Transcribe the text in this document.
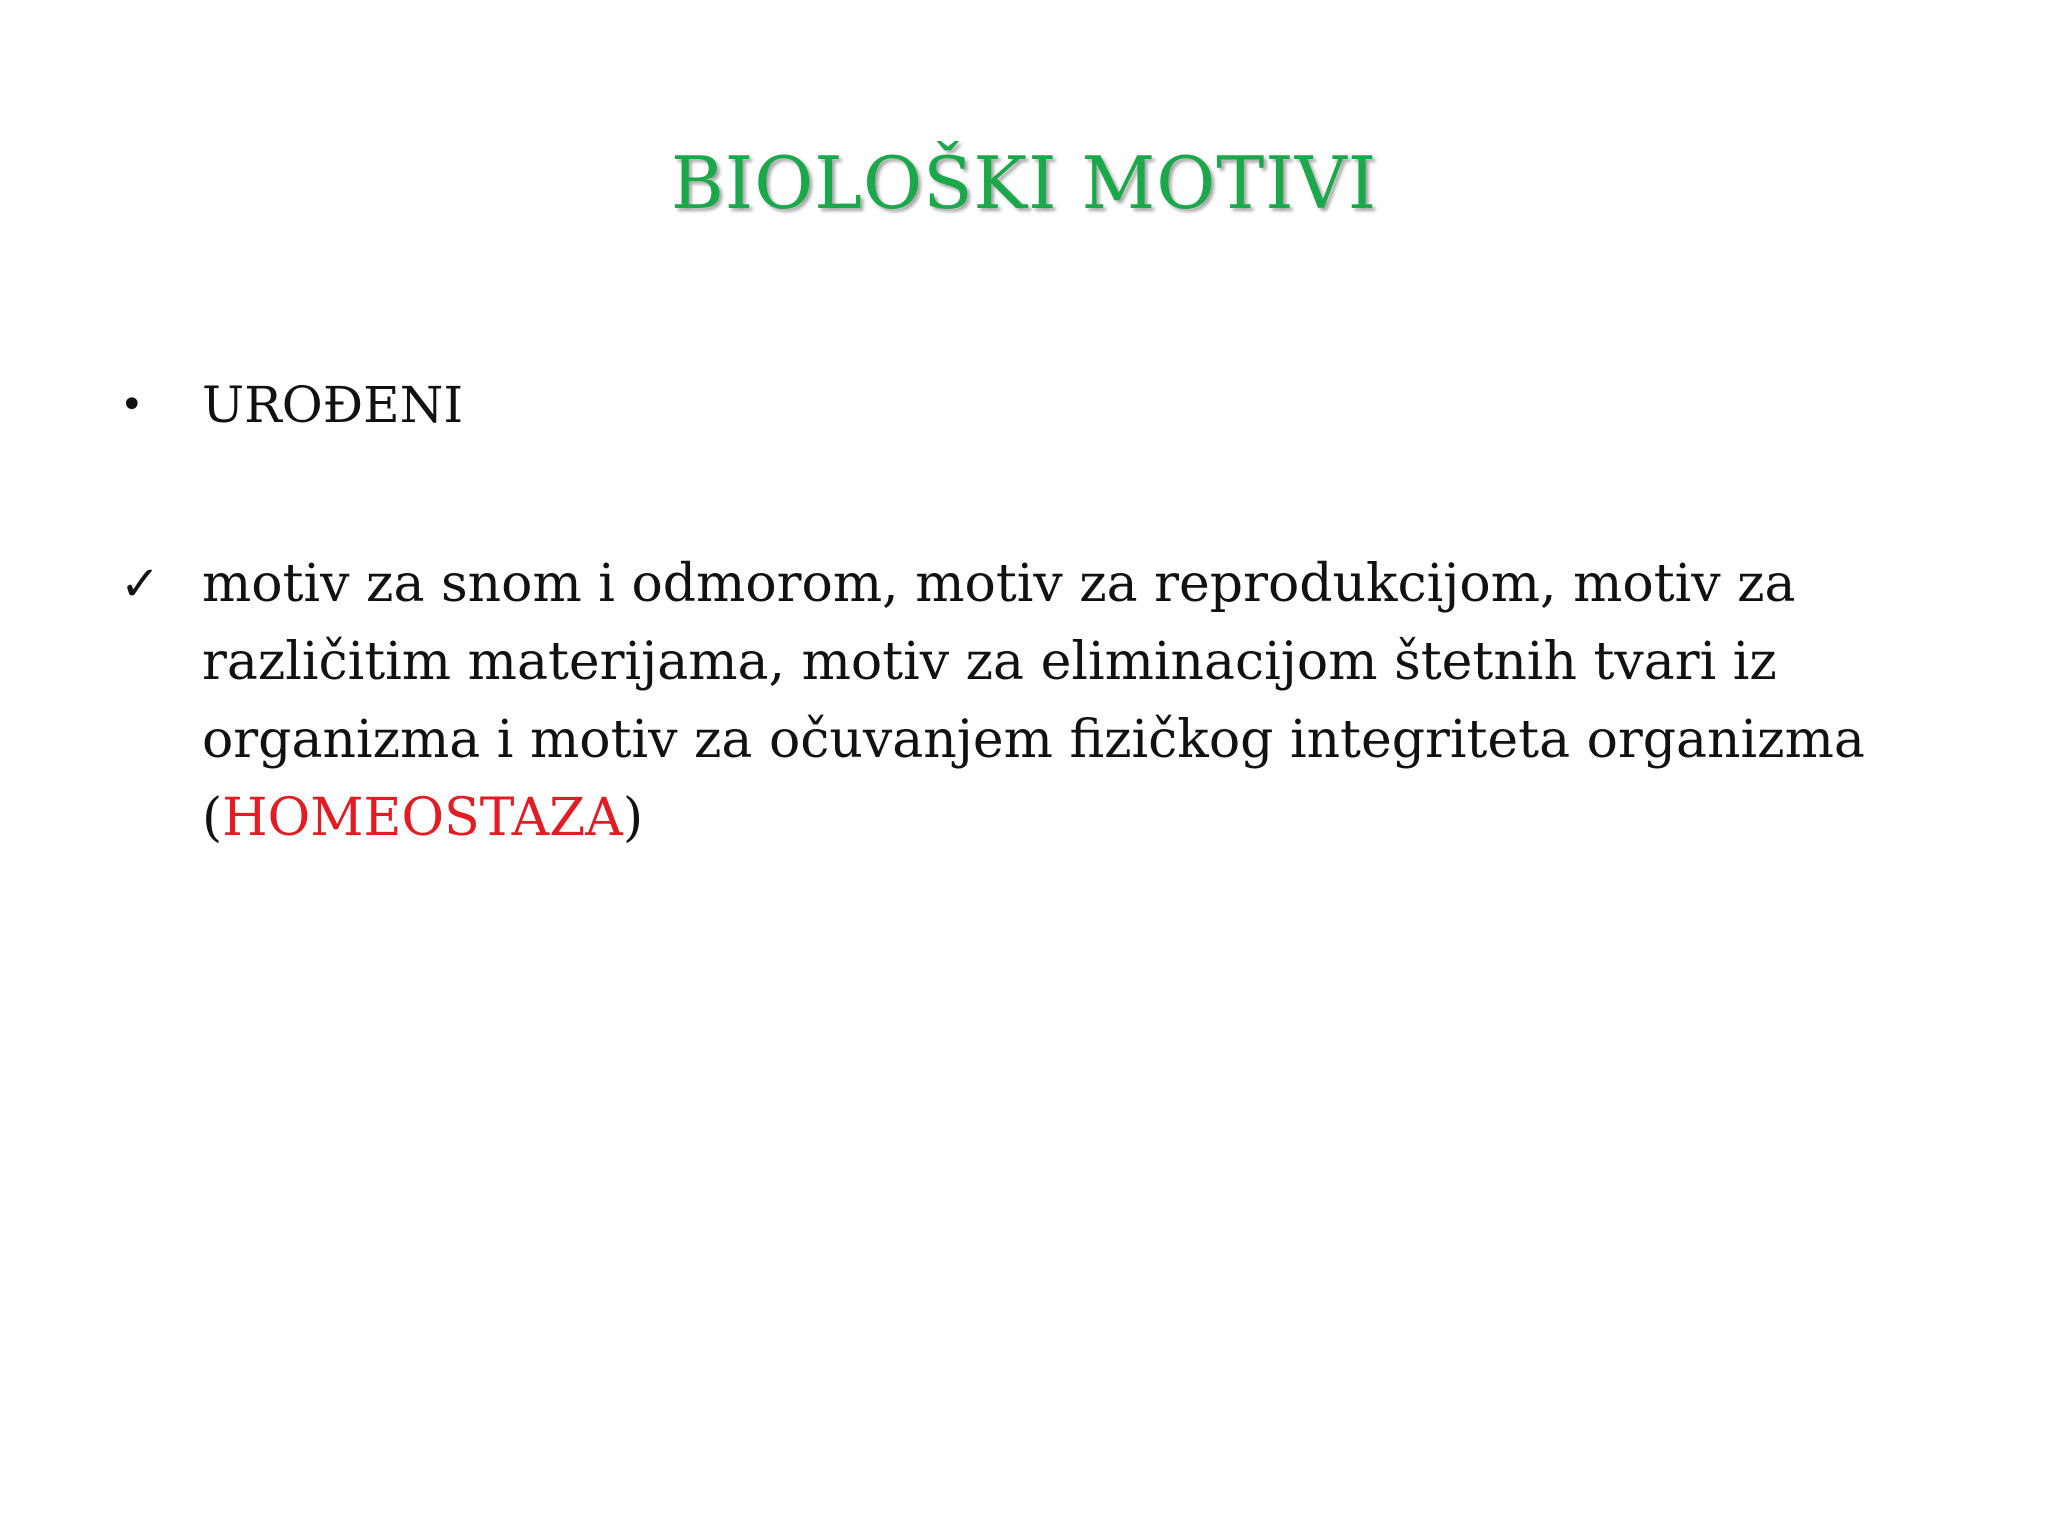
BIOLOŠKI MOTIVI
•	UROĐENI
✓ motiv za snom i odmorom, motiv za reprodukcijom, motiv za različitim materijama, motiv za eliminacijom štetnih tvari iz organizma i motiv za očuvanjem fizičkog integriteta organizma (HOMEOSTAZA)
